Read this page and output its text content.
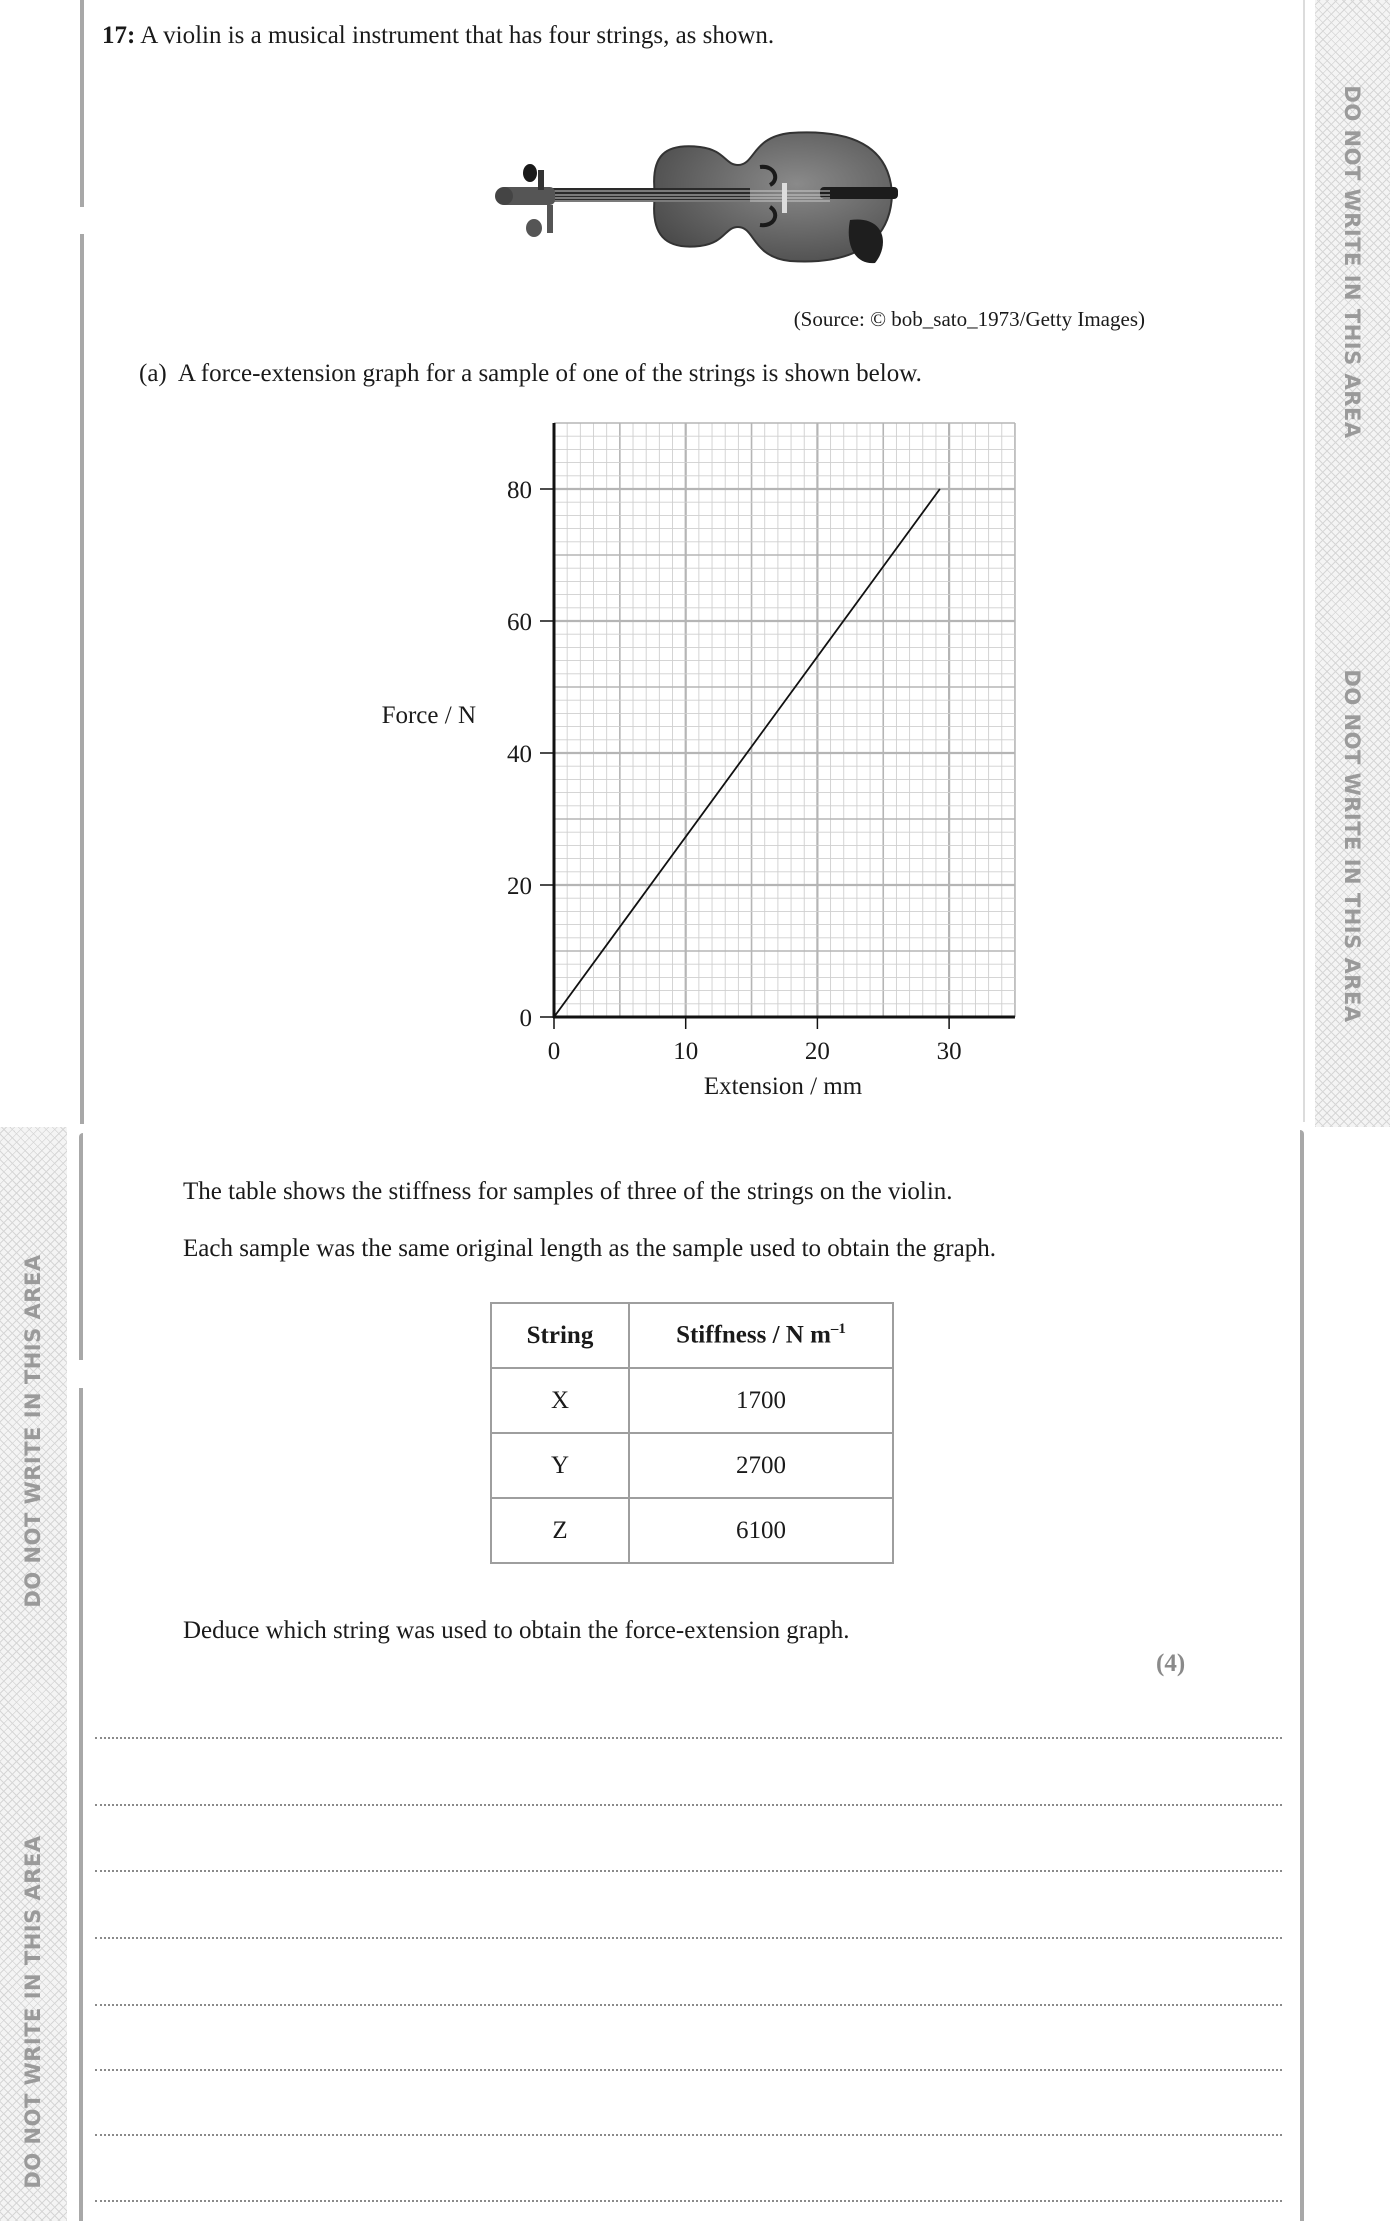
DO NOT WRITE IN THIS AREA
DO NOT WRITE IN THIS AREA
DO NOT WRITE IN THIS AREA
DO NOT WRITE IN THIS AREA
17: A violin is a musical instrument that has four strings, as shown.
(Source: © bob_sato_1973/Getty Images)
(a) A force-extension graph for a sample of one of the strings is shown below.
0
20
40
60
80
0	10	20	30
Extension / mm
Force / N
The table shows the stiffness for samples of three of the strings on the violin.
Each sample was the same original length as the sample used to obtain the graph.
String	Stiffness / N $m^{-1}$
X	1700
Y	2700
Z	6100
Deduce which string was used to obtain the force-extension graph.
(4)
